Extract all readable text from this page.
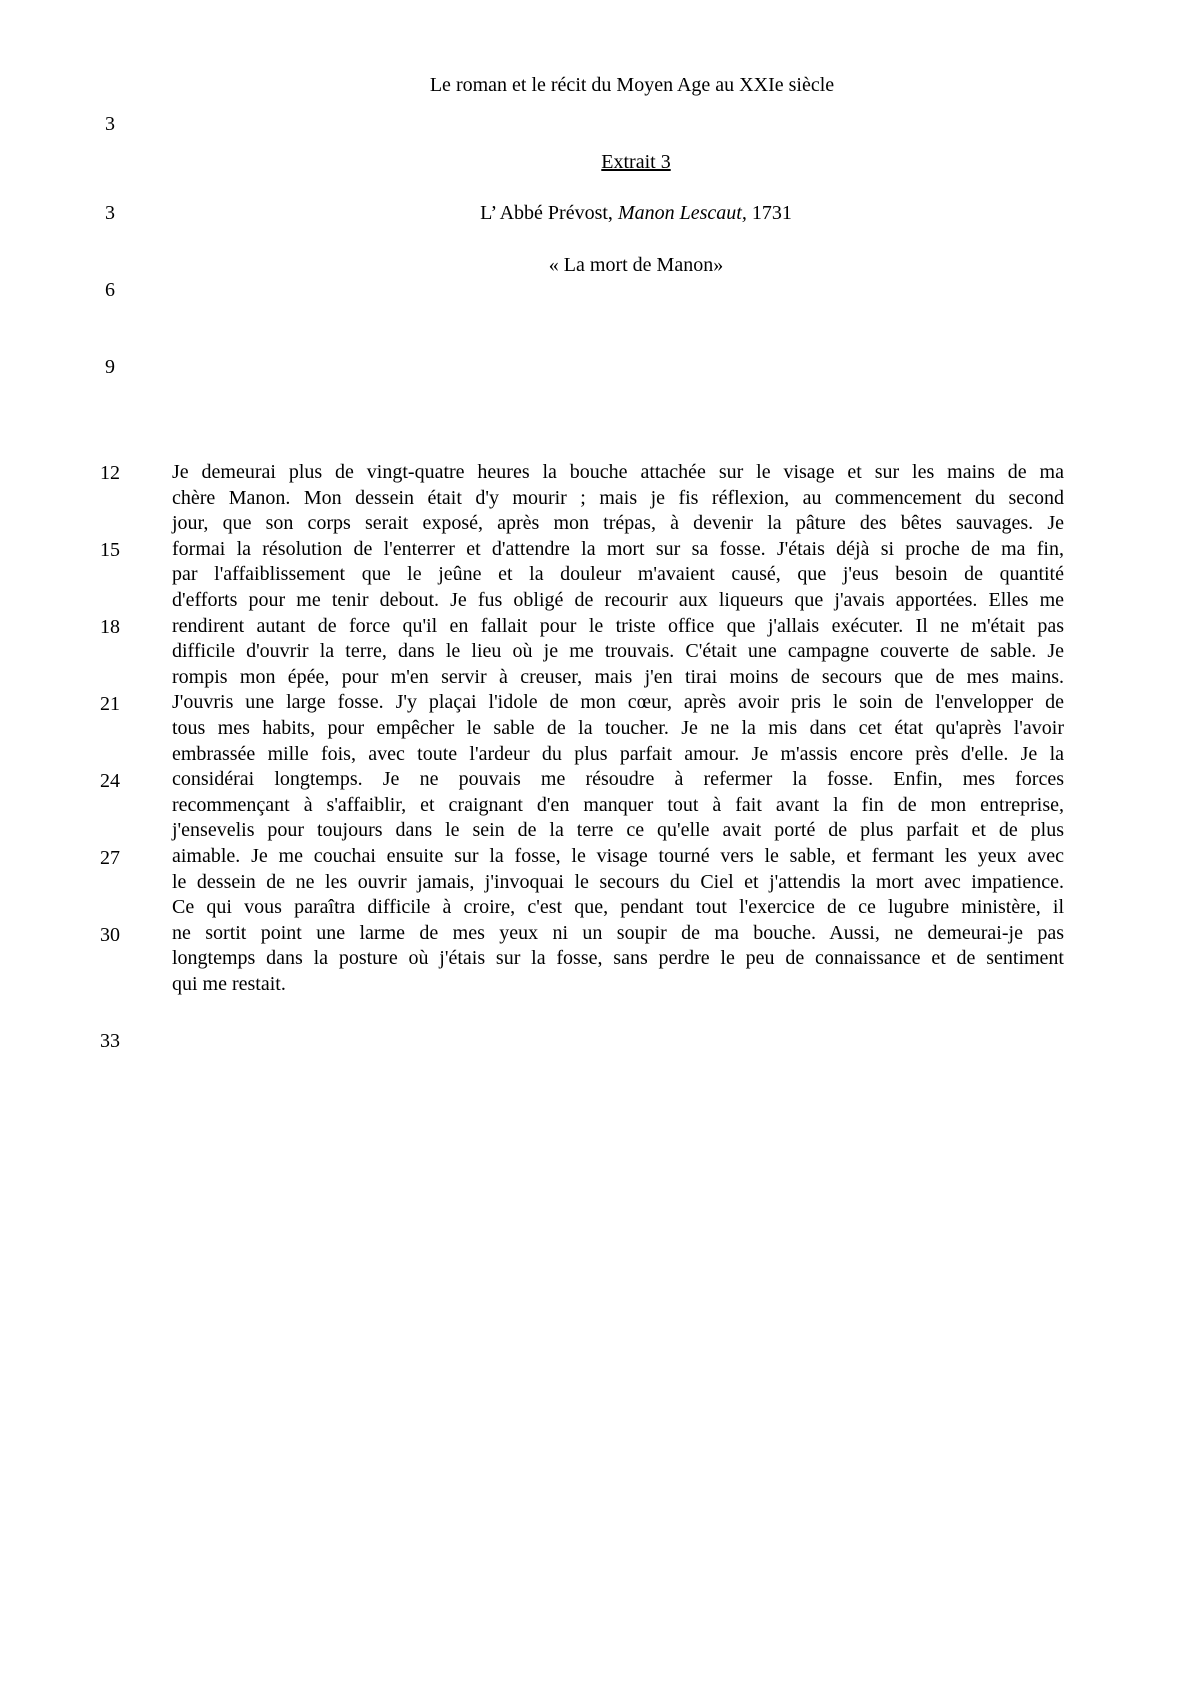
Le roman et le récit du Moyen Age au XXIe siècle
Extrait 3
L’ Abbé Prévost, Manon Lescaut, 1731
« La mort de Manon»
3
3
6
9
12
15
18
21
24
27
30
33
Je demeurai plus de vingt-quatre heures la bouche attachée sur le visage et sur les mains de ma
chère Manon. Mon dessein était d'y mourir ; mais je fis réflexion, au commencement du second
jour, que son corps serait exposé, après mon trépas, à devenir la pâture des bêtes sauvages. Je
formai la résolution de l'enterrer et d'attendre la mort sur sa fosse. J'étais déjà si proche de ma fin,
par l'affaiblissement que le jeûne et la douleur m'avaient causé, que j'eus besoin de quantité
d'efforts pour me tenir debout. Je fus obligé de recourir aux liqueurs que j'avais apportées. Elles me
rendirent autant de force qu'il en fallait pour le triste office que j'allais exécuter. Il ne m'était pas
difficile d'ouvrir la terre, dans le lieu où je me trouvais. C'était une campagne couverte de sable. Je
rompis mon épée, pour m'en servir à creuser, mais j'en tirai moins de secours que de mes mains.
J'ouvris une large fosse. J'y plaçai l'idole de mon cœur, après avoir pris le soin de l'envelopper de
tous mes habits, pour empêcher le sable de la toucher. Je ne la mis dans cet état qu'après l'avoir
embrassée mille fois, avec toute l'ardeur du plus parfait amour. Je m'assis encore près d'elle. Je la
considérai longtemps. Je ne pouvais me résoudre à refermer la fosse. Enfin, mes forces
recommençant à s'affaiblir, et craignant d'en manquer tout à fait avant la fin de mon entreprise,
j'ensevelis pour toujours dans le sein de la terre ce qu'elle avait porté de plus parfait et de plus
aimable. Je me couchai ensuite sur la fosse, le visage tourné vers le sable, et fermant les yeux avec
le dessein de ne les ouvrir jamais, j'invoquai le secours du Ciel et j'attendis la mort avec impatience.
Ce qui vous paraîtra difficile à croire, c'est que, pendant tout l'exercice de ce lugubre ministère, il
ne sortit point une larme de mes yeux ni un soupir de ma bouche. Aussi, ne demeurai-je pas
longtemps dans la posture où j'étais sur la fosse, sans perdre le peu de connaissance et de sentiment
qui me restait.
